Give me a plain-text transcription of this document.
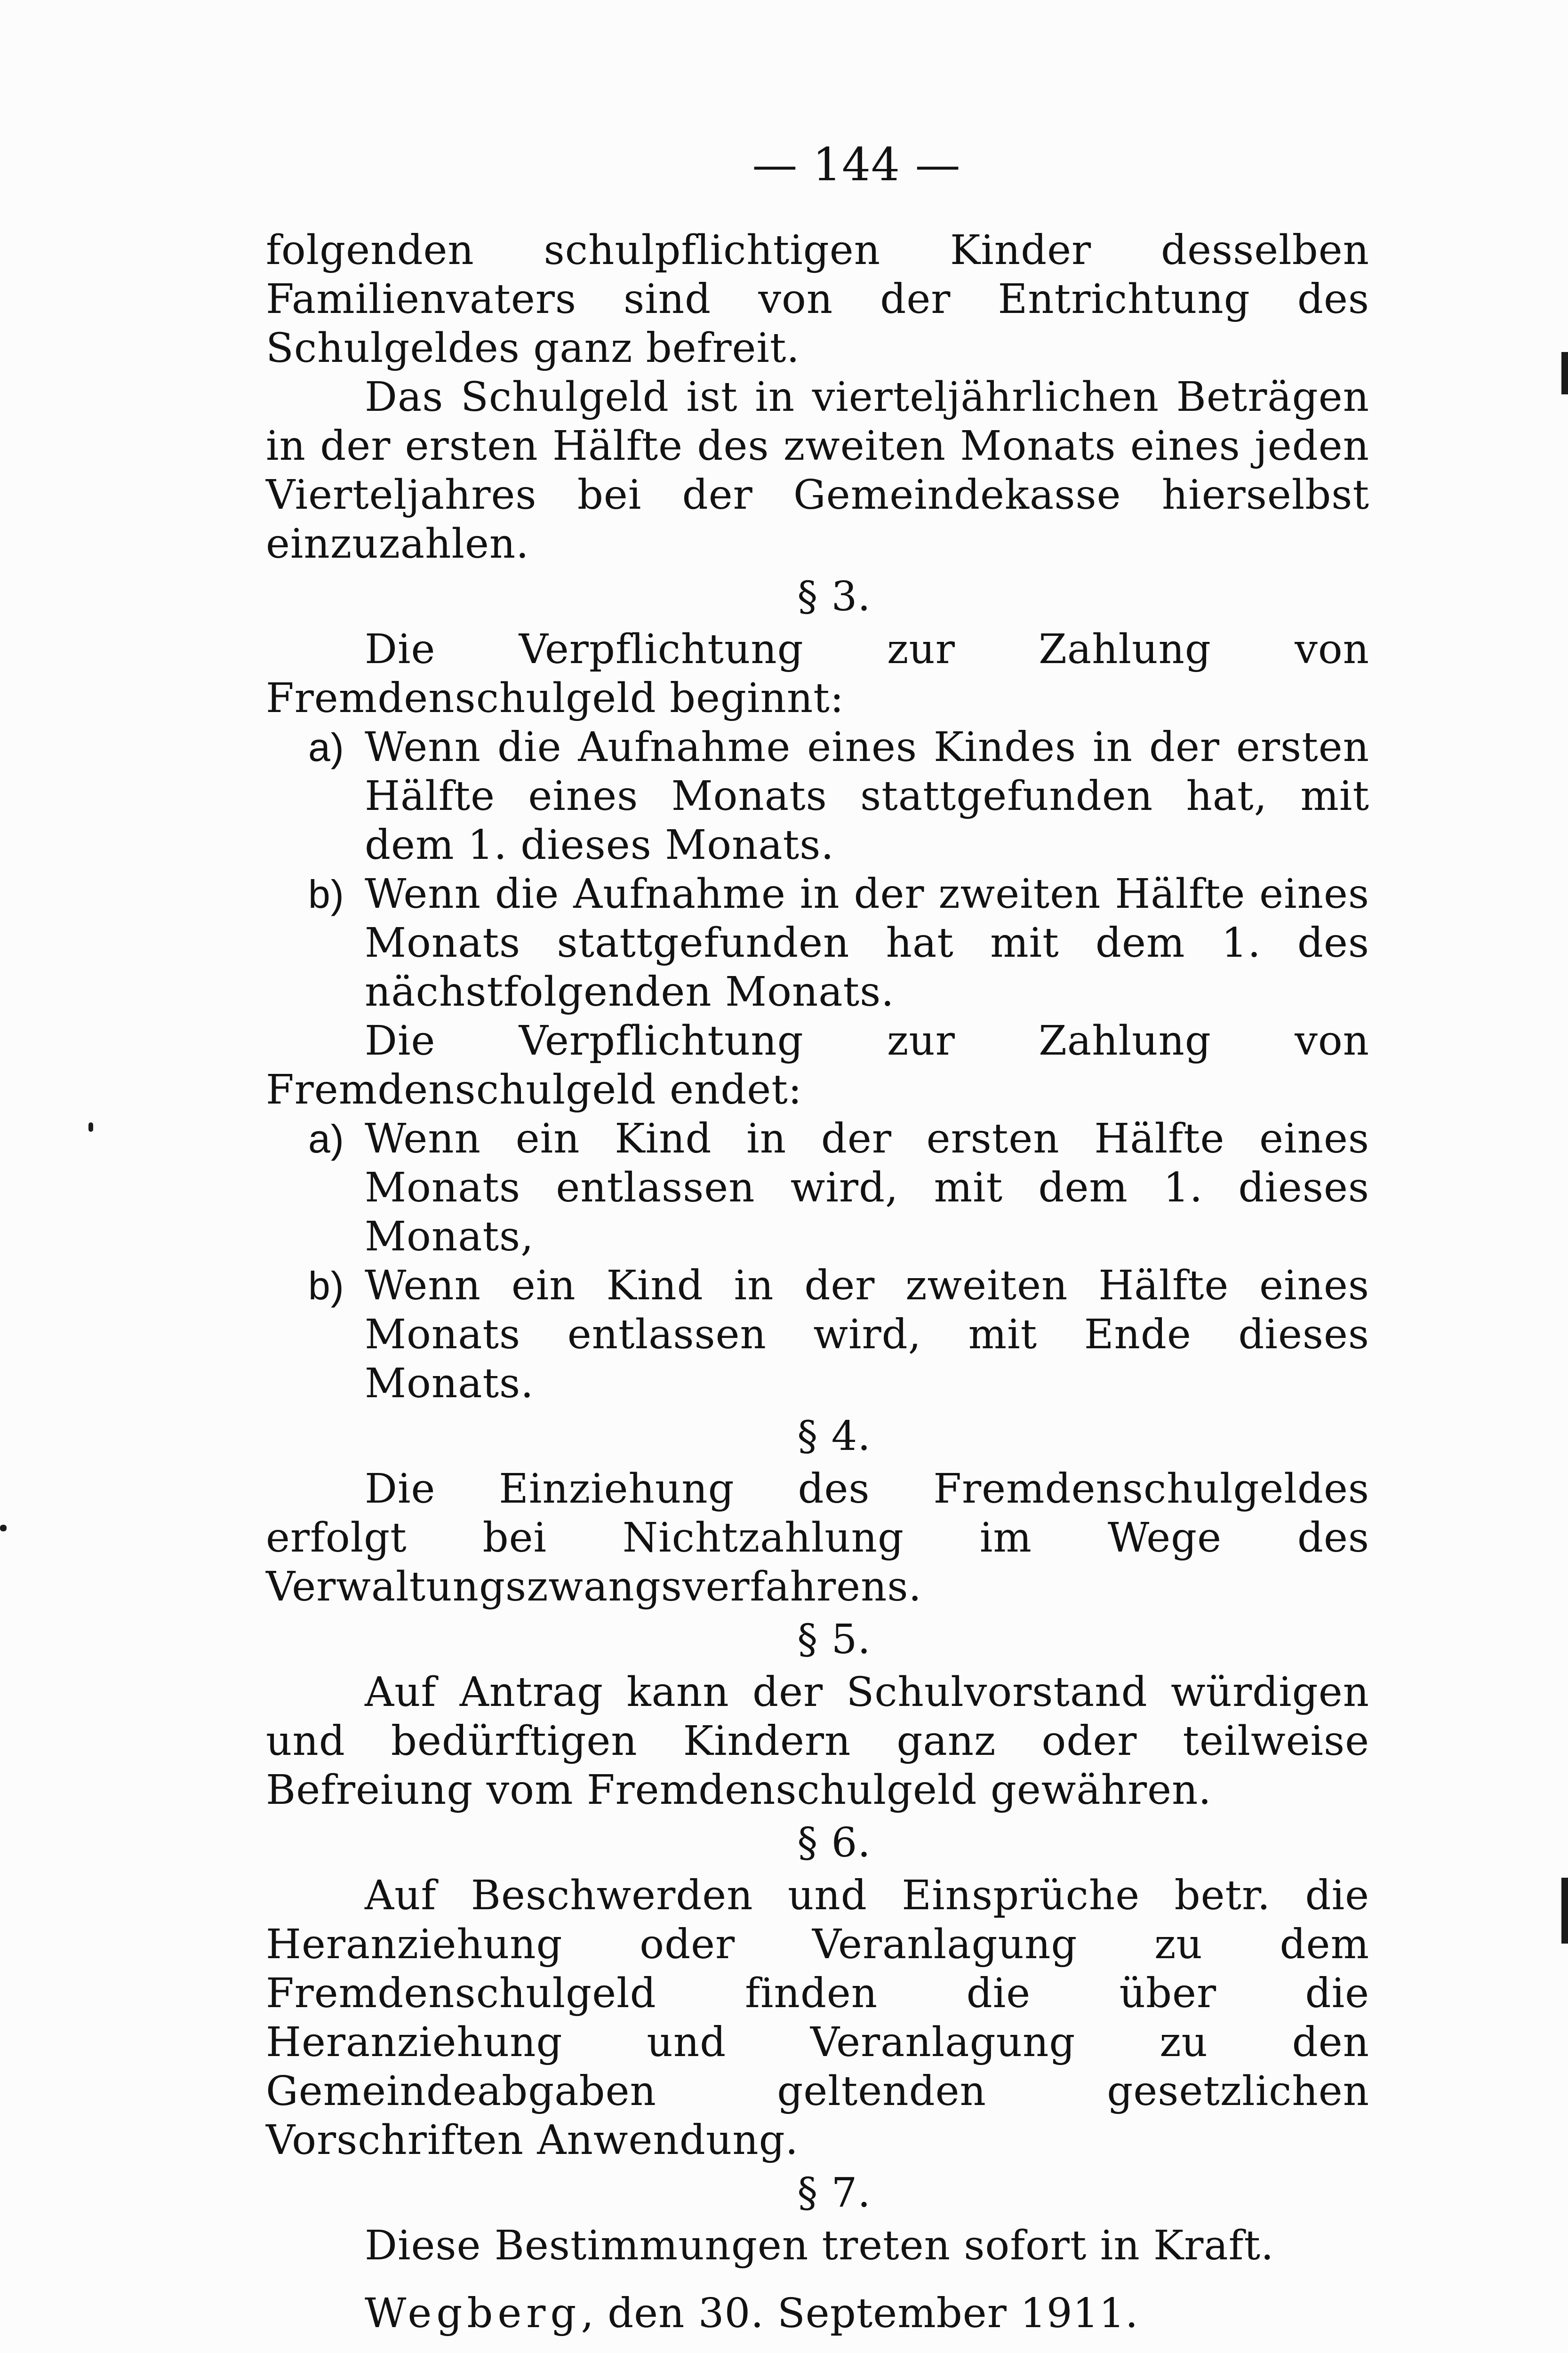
— 144 —

folgenden schulpflichtigen Kinder desselben Familienvaters sind von der Entrichtung des Schulgeldes ganz befreit.

Das Schulgeld ist in vierteljährlichen Beträgen in der ersten Hälfte des zweiten Monats eines jeden Vierteljahres bei der Gemeindekasse hierselbst einzuzahlen.

§ 3.

Die Verpflichtung zur Zahlung von Fremdenschulgeld beginnt:

a) Wenn die Aufnahme eines Kindes in der ersten Hälfte eines Monats stattgefunden hat, mit dem 1. dieses Monats.

b) Wenn die Aufnahme in der zweiten Hälfte eines Monats stattgefunden hat mit dem 1. des nächstfolgenden Monats.

Die Verpflichtung zur Zahlung von Fremdenschulgeld endet:

a) Wenn ein Kind in der ersten Hälfte eines Monats entlassen wird, mit dem 1. dieses Monats,

b) Wenn ein Kind in der zweiten Hälfte eines Monats entlassen wird, mit Ende dieses Monats.

§ 4.

Die Einziehung des Fremdenschulgeldes erfolgt bei Nichtzahlung im Wege des Verwaltungszwangsverfahrens.

§ 5.

Auf Antrag kann der Schulvorstand würdigen und bedürftigen Kindern ganz oder teilweise Befreiung vom Fremdenschulgeld gewähren.

§ 6.

Auf Beschwerden und Einsprüche betr. die Heranziehung oder Veranlagung zu dem Fremdenschulgeld finden die über die Heranziehung und Veranlagung zu den Gemeindeabgaben geltenden gesetzlichen Vorschriften Anwendung.

§ 7.

Diese Bestimmungen treten sofort in Kraft.

Wegberg, den 30. September 1911.
